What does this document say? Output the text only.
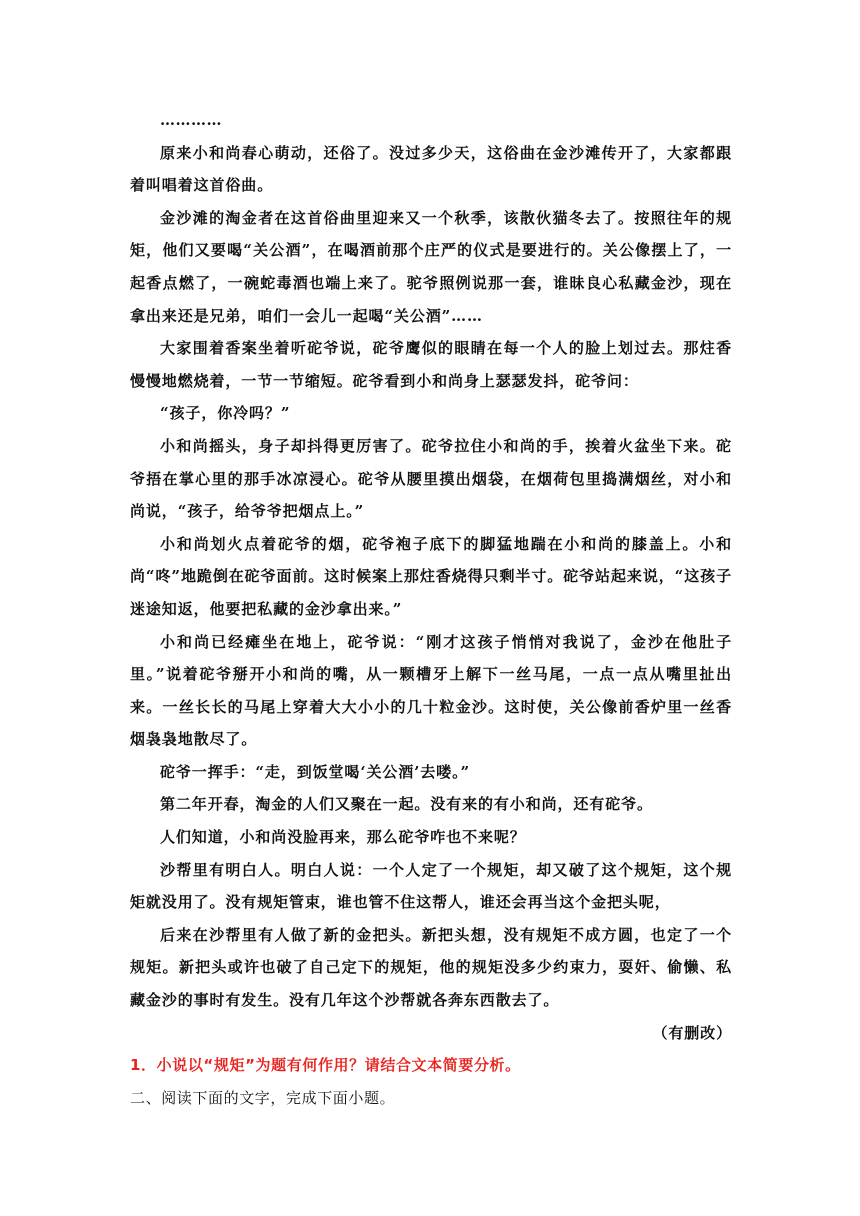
…………

原来小和尚春心萌动，还俗了。没过多少天，这俗曲在金沙滩传开了，大家都跟着叫唱着这首俗曲。

金沙滩的淘金者在这首俗曲里迎来又一个秋季，该散伙猫冬去了。按照往年的规矩，他们又要喝“关公酒”，在喝酒前那个庄严的仪式是要进行的。关公像摆上了，一起香点燃了，一碗蛇毒酒也端上来了。驼爷照例说那一套，谁昧良心私藏金沙，现在拿出来还是兄弟，咱们一会儿一起喝“关公酒”……

大家围着香案坐着听砣爷说，砣爷鹰似的眼睛在每一个人的脸上划过去。那炷香慢慢地燃烧着，一节一节缩短。砣爷看到小和尚身上瑟瑟发抖，砣爷问：

“孩子，你冷吗？”

小和尚摇头，身子却抖得更厉害了。砣爷拉住小和尚的手，挨着火盆坐下来。砣爷捂在掌心里的那手冰凉浸心。砣爷从腰里摸出烟袋，在烟荷包里捣满烟丝，对小和尚说，“孩子，给爷爷把烟点上。”

小和尚划火点着砣爷的烟，砣爷袍子底下的脚猛地踹在小和尚的膝盖上。小和尚“咚”地跪倒在砣爷面前。这时候案上那炷香烧得只剩半寸。砣爷站起来说，“这孩子迷途知返，他要把私藏的金沙拿出来。”

小和尚已经瘫坐在地上，砣爷说：“刚才这孩子悄悄对我说了，金沙在他肚子里。”说着砣爷掰开小和尚的嘴，从一颗槽牙上解下一丝马尾，一点一点从嘴里扯出来。一丝长长的马尾上穿着大大小小的几十粒金沙。这时使，关公像前香炉里一丝香烟袅袅地散尽了。

砣爷一挥手：“走，到饭堂喝‘关公酒’去喽。”

第二年开春，淘金的人们又聚在一起。没有来的有小和尚，还有砣爷。

人们知道，小和尚没脸再来，那么砣爷咋也不来呢？

沙帮里有明白人。明白人说：一个人定了一个规矩，却又破了这个规矩，这个规矩就没用了。没有规矩管束，谁也管不住这帮人，谁还会再当这个金把头呢，

后来在沙帮里有人做了新的金把头。新把头想，没有规矩不成方圆，也定了一个规矩。新把头或许也破了自己定下的规矩，他的规矩没多少约束力，耍奸、偷懒、私藏金沙的事时有发生。没有几年这个沙帮就各奔东西散去了。

（有删改）

1．小说以“规矩”为题有何作用？请结合文本简要分析。

二、阅读下面的文字，完成下面小题。
